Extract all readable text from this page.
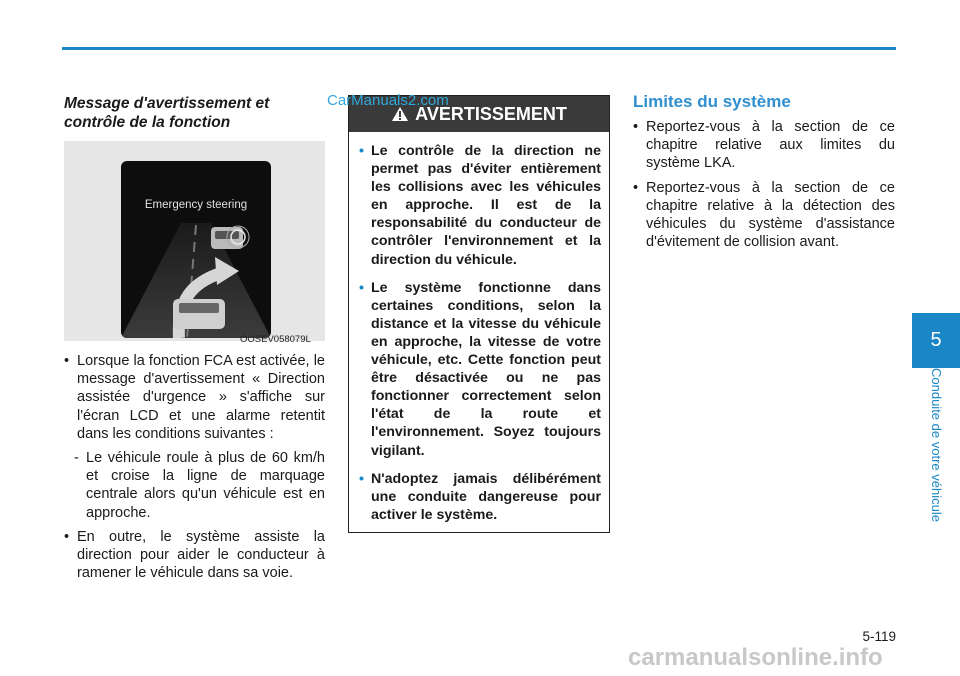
Message d'avertissement et contrôle de la fonction
Emergency steering
OOSEV058079L
• Lorsque la fonction FCA est activée, le message d'avertissement « Direction assistée d'urgence » s'affiche sur l'écran LCD et une alarme retentit dans les conditions suivantes :
- Le véhicule roule à plus de 60 km/h et croise la ligne de marquage centrale alors qu'un véhicule est en approche.
• En outre, le système assiste la direction pour aider le conducteur à ramener le véhicule dans sa voie.
AVERTISSEMENT
• Le contrôle de la direction ne permet pas d'éviter entièrement les collisions avec les véhicules en approche. Il est de la responsabilité du conducteur de contrôler l'environnement et la direction du véhicule.
• Le système fonctionne dans certaines conditions, selon la distance et la vitesse du véhicule en approche, la vitesse de votre véhicule, etc. Cette fonction peut être désactivée ou ne pas fonctionner correctement selon l'état de la route et l'environnement. Soyez toujours vigilant.
• N'adoptez jamais délibérément une conduite dangereuse pour activer le système.
Limites du système
• Reportez-vous à la section de ce chapitre relative aux limites du système LKA.
• Reportez-vous à la section de ce chapitre relative à la détection des véhicules du système d'assistance d'évitement de collision avant.
5
Conduite de votre véhicule
5-119
CarManuals2.com
carmanualsonline.info
